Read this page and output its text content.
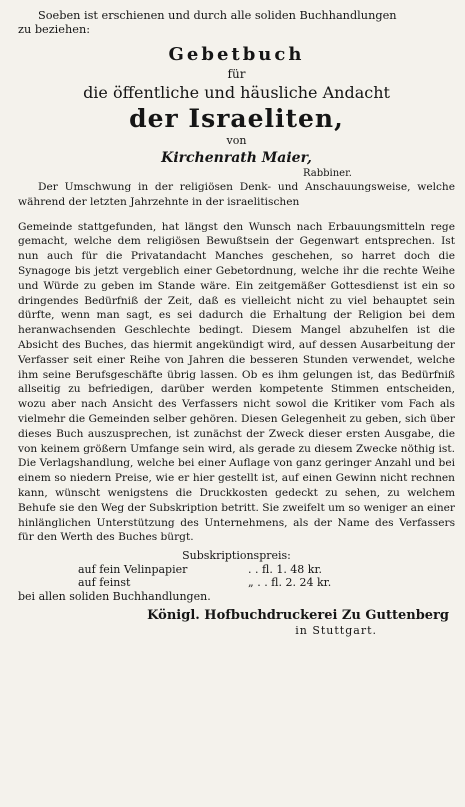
Soeben ist erschienen und durch alle soliden Buchhandlungen

zu beziehen:

Gebetbuch
für
die öffentliche und häusliche Andacht
der Israeliten,
von
Kirchenrath Maier,
Rabbiner.

Der Umschwung in der religiösen Denk- und Anschauungsweise, welche während der letzten Jahrzehnte in der israelitischen

Gemeinde stattgefunden, hat längst den Wunsch nach Erbauungsmitteln rege gemacht, welche dem religiösen Bewußtsein der Gegenwart entsprechen. Ist nun auch für die Privatandacht Manches geschehen, so harret doch die Synagoge bis jetzt vergeblich einer Gebetordnung, welche ihr die rechte Weihe und Würde zu geben im Stande wäre. Ein zeitgemäßer Gottesdienst ist ein so dringendes Bedürfniß der Zeit, daß es vielleicht nicht zu viel behauptet sein dürfte, wenn man sagt, es sei dadurch die Erhaltung der Religion bei dem heranwachsenden Geschlechte bedingt. Diesem Mangel abzuhelfen ist die Absicht des Buches, das hiermit angekündigt wird, auf dessen Ausarbeitung der Verfasser seit einer Reihe von Jahren die besseren Stunden verwendet, welche ihm seine Berufsgeschäfte übrig lassen. Ob es ihm gelungen ist, das Bedürfniß allseitig zu befriedigen, darüber werden kompetente Stimmen entscheiden, wozu aber nach Ansicht des Verfassers nicht sowol die Kritiker vom Fach als vielmehr die Gemeinden selber gehören. Diesen Gelegenheit zu geben, sich über dieses Buch auszusprechen, ist zunächst der Zweck dieser ersten Ausgabe, die von keinem größern Umfange sein wird, als gerade zu diesem Zwecke nöthig ist. Die Verlagshandlung, welche bei einer Auflage von ganz geringer Anzahl und bei einem so niedern Preise, wie er hier gestellt ist, auf einen Gewinn nicht rechnen kann, wünscht wenigstens die Druckkosten gedeckt zu sehen, zu welchem Behufe sie den Weg der Subskription betritt. Sie zweifelt um so weniger an einer hinlänglichen Unterstützung des Unternehmens, als der Name des Verfassers für den Werth des Buches bürgt.

Subskriptionspreis:
auf fein Velinpapier	. . fl. 1. 48 kr.
auf feinst	„ . . fl. 2. 24 kr.
bei allen soliden Buchhandlungen.
Königl. Hofbuchdruckerei Zu Guttenberg
in Stuttgart.
